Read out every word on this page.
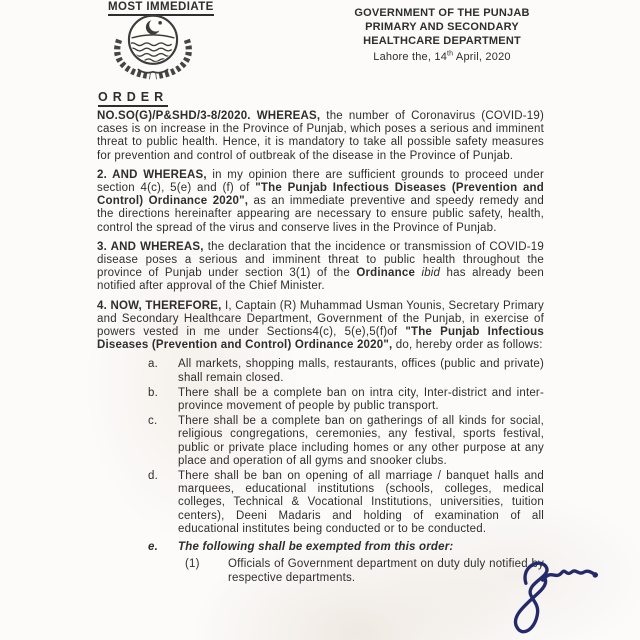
MOST IMMEDIATE	GOVERNMENT OF THE PUNJAB
PRIMARY AND SECONDARY
HEALTHCARE DEPARTMENT
Lahore the, 14th April, 2020
ORDER

NO.SO(G)/P&SHD/3-8/2020. WHEREAS, the number of Coronavirus (COVID-19) cases is on increase in the Province of Punjab, which poses a serious and imminent threat to public health. Hence, it is mandatory to take all possible safety measures for prevention and control of outbreak of the disease in the Province of Punjab.

2. AND WHEREAS, in my opinion there are sufficient grounds to proceed under section 4(c), 5(e) and (f) of "The Punjab Infectious Diseases (Prevention and Control) Ordinance 2020", as an immediate preventive and speedy remedy and the directions hereinafter appearing are necessary to ensure public safety, health, control the spread of the virus and conserve lives in the Province of Punjab.

3. AND WHEREAS, the declaration that the incidence or transmission of COVID-19 disease poses a serious and imminent threat to public health throughout the province of Punjab under section 3(1) of the Ordinance ibid has already been notified after approval of the Chief Minister.

4. NOW, THEREFORE, I, Captain (R) Muhammad Usman Younis, Secretary Primary and Secondary Healthcare Department, Government of the Punjab, in exercise of powers vested in me under Sections4(c), 5(e),5(f)of "The Punjab Infectious Diseases (Prevention and Control) Ordinance 2020", do, hereby order as follows:

a. All markets, shopping malls, restaurants, offices (public and private) shall remain closed.
b. There shall be a complete ban on intra city, Inter-district and inter-province movement of people by public transport.
c. There shall be a complete ban on gatherings of all kinds for social, religious congregations, ceremonies, any festival, sports festival, public or private place including homes or any other purpose at any place and operation of all gyms and snooker clubs.
d. There shall be ban on opening of all marriage / banquet halls and marquees, educational institutions (schools, colleges, medical colleges, Technical & Vocational Institutions, universities, tuition centers), Deeni Madaris and holding of examination of all educational institutes being conducted or to be conducted.
e. The following shall be exempted from this order:
(1) Officials of Government department on duty duly notified by respective departments.
